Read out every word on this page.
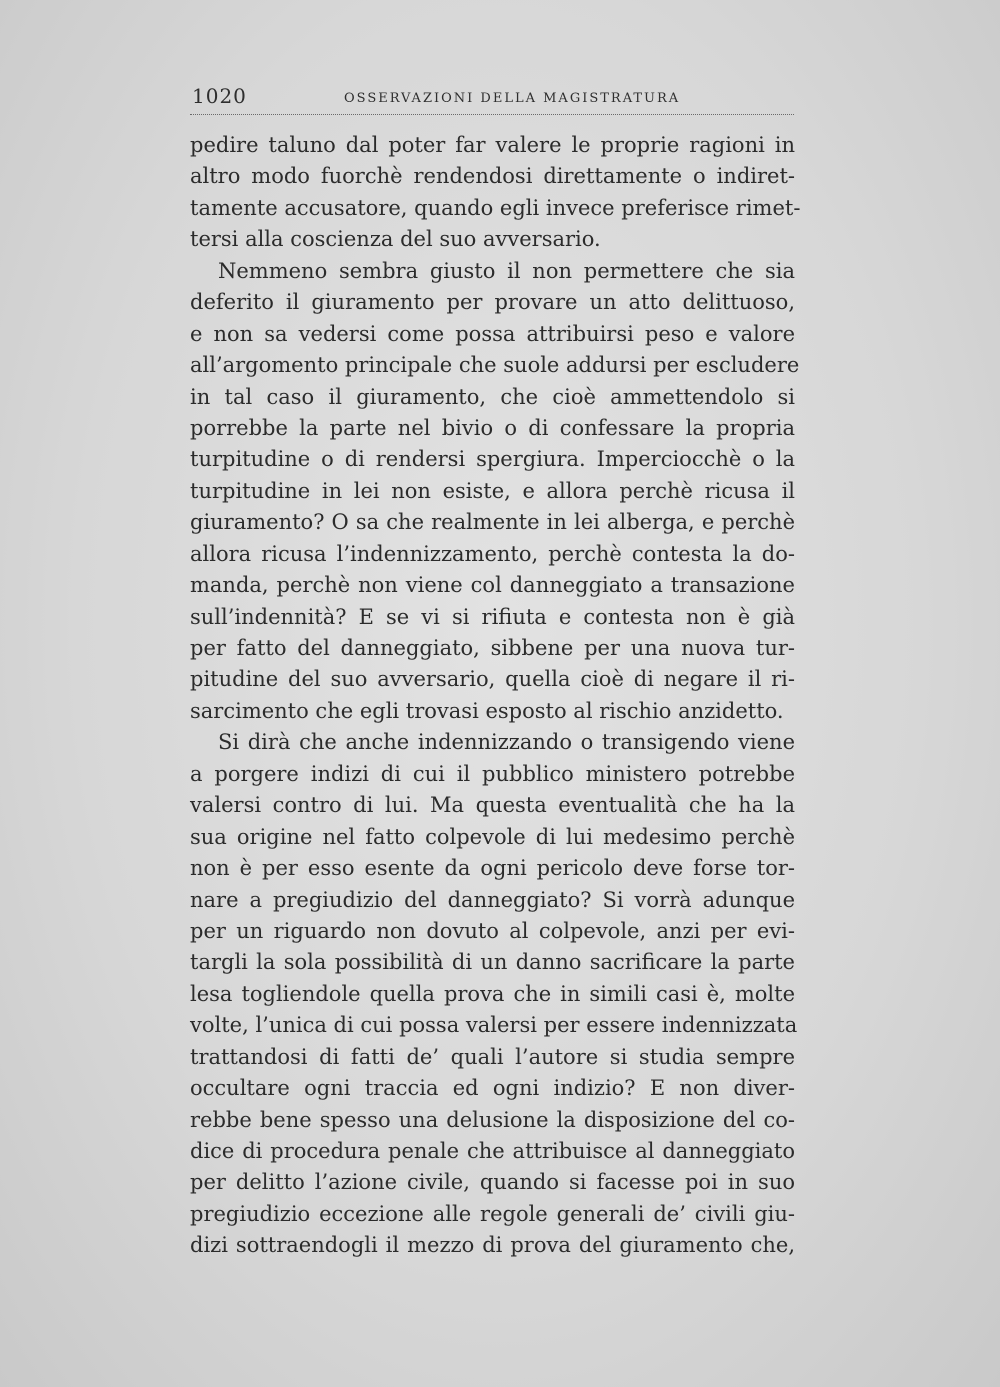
1020	OSSERVAZIONI DELLA MAGISTRATURA
pedire taluno dal poter far valere le proprie ragioni in
altro modo fuorchè rendendosi direttamente o indiret-
tamente accusatore, quando egli invece preferisce rimet-
tersi alla coscienza del suo avversario.
Nemmeno sembra giusto il non permettere che sia
deferito il giuramento per provare un atto delittuoso,
e non sa vedersi come possa attribuirsi peso e valore
all’argomento principale che suole addursi per escludere
in tal caso il giuramento, che cioè ammettendolo si
porrebbe la parte nel bivio o di confessare la propria
turpitudine o di rendersi spergiura. Imperciocchè o la
turpitudine in lei non esiste, e allora perchè ricusa il
giuramento? O sa che realmente in lei alberga, e perchè
allora ricusa l’indennizzamento, perchè contesta la do-
manda, perchè non viene col danneggiato a transazione
sull’indennità? E se vi si rifiuta e contesta non è già
per fatto del danneggiato, sibbene per una nuova tur-
pitudine del suo avversario, quella cioè di negare il ri-
sarcimento che egli trovasi esposto al rischio anzidetto.
Si dirà che anche indennizzando o transigendo viene
a porgere indizi di cui il pubblico ministero potrebbe
valersi contro di lui. Ma questa eventualità che ha la
sua origine nel fatto colpevole di lui medesimo perchè
non è per esso esente da ogni pericolo deve forse tor-
nare a pregiudizio del danneggiato? Si vorrà adunque
per un riguardo non dovuto al colpevole, anzi per evi-
targli la sola possibilità di un danno sacrificare la parte
lesa togliendole quella prova che in simili casi è, molte
volte, l’unica di cui possa valersi per essere indennizzata
trattandosi di fatti de’ quali l’autore si studia sempre
occultare ogni traccia ed ogni indizio? E non diver-
rebbe bene spesso una delusione la disposizione del co-
dice di procedura penale che attribuisce al danneggiato
per delitto l’azione civile, quando si facesse poi in suo
pregiudizio eccezione alle regole generali de’ civili giu-
dizi sottraendogli il mezzo di prova del giuramento che,
